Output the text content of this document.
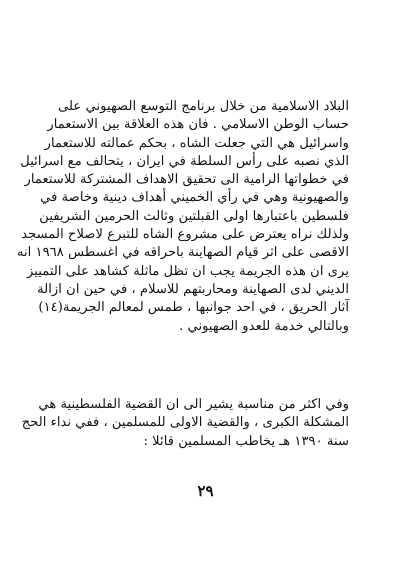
البلاد الاسلامية من خلال برنامج التوسع الصهيوني على
حساب الوطن الاسلامي . فان هذه العلاقة بين الاستعمار
واسرائيل هي التي جعلت الشاه ، بحكم عمالته للاستعمار
الذي نصبه على رأس السلطة في ايران ، يتحالف مع اسرائيل
في خطواتها الرامية الى تحقيق الاهداف المشتركة للاستعمار
والصهيونية وهي في رأي الخميني أهداف دينية وخاصة في
فلسطين باعتبارها اولى القبلتين وثالث الحرمين الشريفين
ولذلك نراه يعترض على مشروع الشاه للتبرع لاصلاح المسجد
الاقصى على اثر قيام الصهاينة باحراقه في اغسطس ١٩٦٨ انه
يرى ان هذه الجريمة يجب ان تظل ماثلة كشاهد على التمييز
الديني لدى الصهاينة ومحاربتهم للاسلام ، في حين ان ازالة
آثار الحريق ، في احد جوانبها ، طمس لمعالم الجريمة(١٤)
وبالتالي خدمة للعدو الصهيوني .
وفي اكثر من مناسبة يشير الى ان القضية الفلسطينية هي
المشكلة الكبرى ، والقضية الاولى للمسلمين ، ففي نداء الحج
سنة ١٣٩٠ هـ يخاطب المسلمين قائلا :
٢٩
